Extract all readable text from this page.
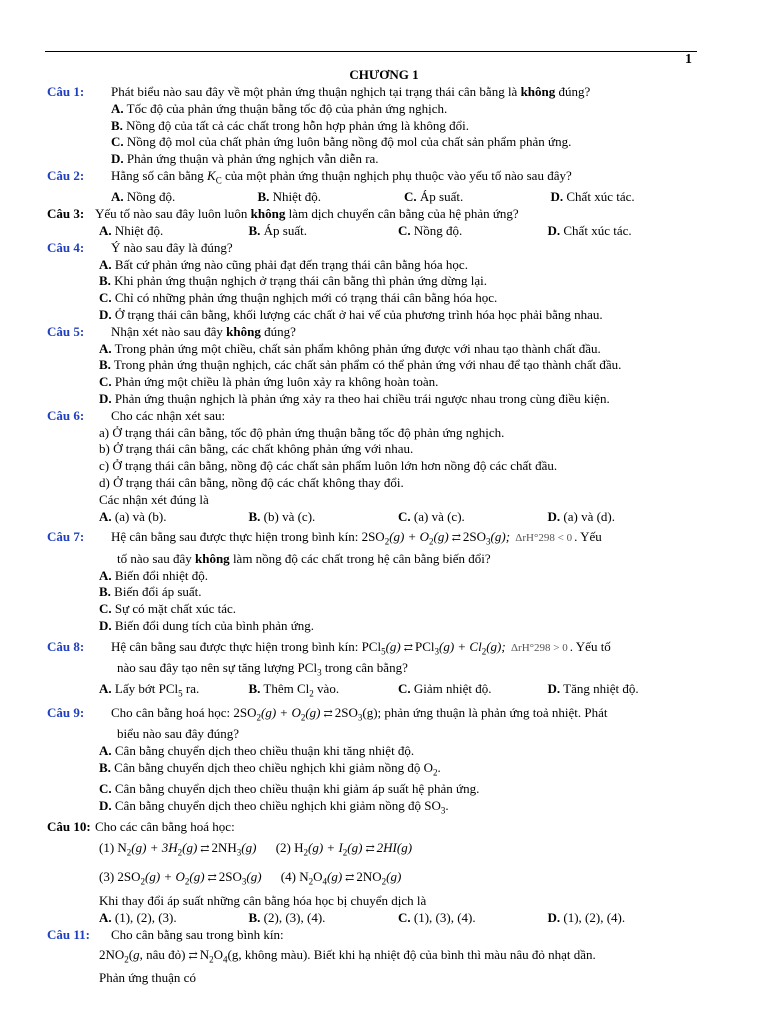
1
CHƯƠNG 1
Câu 1:	Phát biểu nào sau đây về một phản ứng thuận nghịch tại trạng thái cân bằng là không đúng?
A. Tốc độ của phản ứng thuận bằng tốc độ của phản ứng nghịch.
B. Nồng độ của tất cả các chất trong hỗn hợp phản ứng là không đổi.
C. Nồng độ mol của chất phản ứng luôn bằng nồng độ mol của chất sản phẩm phản ứng.
D. Phản ứng thuận và phản ứng nghịch vẫn diễn ra.
Câu 2:	Hằng số cân bằng $K_C$ của một phản ứng thuận nghịch phụ thuộc vào yếu tố nào sau đây?
A. Nồng độ.	B. Nhiệt độ.	C. Áp suất.	D. Chất xúc tác.
Câu 3: Yếu tố nào sau đây luôn luôn không làm dịch chuyển cân bằng của hệ phản ứng?
A. Nhiệt độ.	B. Áp suất.	C. Nồng độ.	D. Chất xúc tác.
Câu 4:	Ý nào sau đây là đúng?
A. Bất cứ phản ứng nào cũng phải đạt đến trạng thái cân bằng hóa học.
B. Khi phản ứng thuận nghịch ở trạng thái cân bằng thì phản ứng dừng lại.
C. Chỉ có những phản ứng thuận nghịch mới có trạng thái cân bằng hóa học.
D. Ở trạng thái cân bằng, khối lượng các chất ở hai vế của phương trình hóa học phải bằng nhau.
Câu 5:	Nhận xét nào sau đây không đúng?
A. Trong phản ứng một chiều, chất sản phẩm không phản ứng được với nhau tạo thành chất đầu.
B. Trong phản ứng thuận nghịch, các chất sản phẩm có thể phản ứng với nhau để tạo thành chất đầu.
C. Phản ứng một chiều là phản ứng luôn xảy ra không hoàn toàn.
D. Phản ứng thuận nghịch là phản ứng xảy ra theo hai chiều trái ngược nhau trong cùng điều kiện.
Câu 6:	Cho các nhận xét sau:
a) Ở trạng thái cân bằng, tốc độ phản ứng thuận bằng tốc độ phản ứng nghịch.
b) Ở trạng thái cân bằng, các chất không phản ứng với nhau.
c) Ở trạng thái cân bằng, nồng độ các chất sản phẩm luôn lớn hơn nồng độ các chất đầu.
d) Ở trạng thái cân bằng, nồng độ các chất không thay đổi.
Các nhận xét đúng là
A. (a) và (b).	B. (b) và (c).	C. (a) và (c).	D. (a) và (d).
Câu 7:	Hệ cân bằng sau được thực hiện trong bình kín: $2SO_2(g) + O_2(g)$ ⇄ $2SO_3(g)$; ΔrH°298 < 0 . Yếu
tố nào sau đây không làm nồng độ các chất trong hệ cân bằng biến đổi?
A. Biến đổi nhiệt độ.
B. Biến đổi áp suất.
C. Sự có mặt chất xúc tác.
D. Biến đổi dung tích của bình phản ứng.
Câu 8:	Hệ cân bằng sau được thực hiện trong bình kín: PCl$_5$(g) ⇄ $PCl_3(g) + Cl_2(g)$; ΔrH°298 > 0 . Yếu tố
nào sau đây tạo nên sự tăng lượng PCl$_3$ trong cân bằng?
A. Lấy bớt PCl$_5$ ra.	B. Thêm $Cl_2$ vào.	C. Giảm nhiệt độ.	D. Tăng nhiệt độ.
Câu 9:	Cho cân bằng hoá học: $2SO_2(g) + O_2(g)$ ⇄ $2SO_3(g)$; phản ứng thuận là phản ứng toả nhiệt. Phát
biểu nào sau đây đúng?
A. Cân bằng chuyển dịch theo chiều thuận khi tăng nhiệt độ.
B. Cân bằng chuyển dịch theo chiều nghịch khi giảm nồng độ $O_2$.
C. Cân bằng chuyển dịch theo chiều thuận khi giảm áp suất hệ phản ứng.
D. Cân bằng chuyển dịch theo chiều nghịch khi giảm nồng độ $SO_3$.
Câu 10: Cho các cân bằng hoá học:
(1) $N_2(g) + 3H_2(g)$ ⇄ $2NH_3(g)$ (2) $H_2(g) + I_2(g)$ ⇄ 2HI(g)
(3) $2SO_2(g) + O_2(g)$ ⇄ $2SO_3(g)$ (4) $N_2O_4(g)$ ⇄ $2NO_2(g)$
Khi thay đổi áp suất những cân bằng hóa học bị chuyển dịch là
A. (1), (2), (3).	B. (2), (3), (4).	C. (1), (3), (4).	D. (1), (2), (4).
Câu 11:	Cho cân bằng sau trong bình kín:
$2NO_2(g$, nâu đỏ) ⇄ $N_2O_4(g$, không màu). Biết khi hạ nhiệt độ của bình thì màu nâu đỏ nhạt dần.
Phản ứng thuận có
